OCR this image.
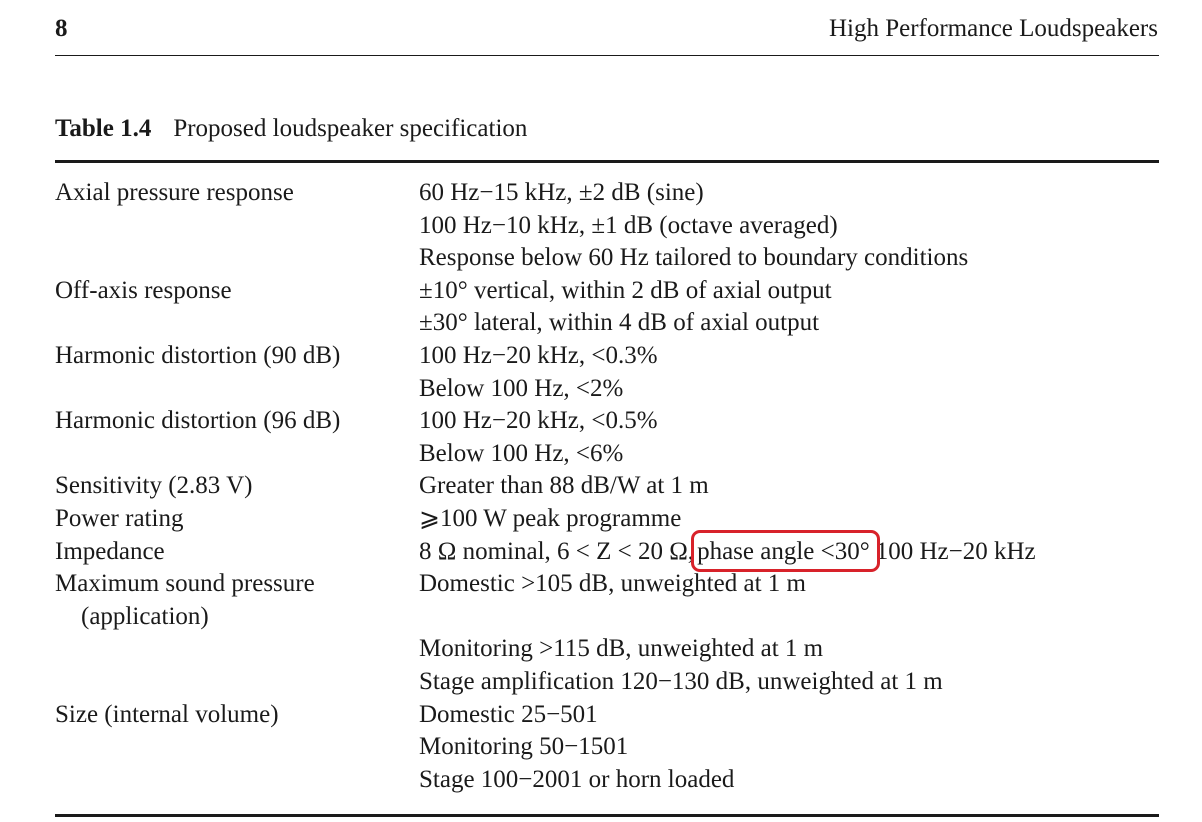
8	High Performance Loudspeakers
Table 1.4 Proposed loudspeaker specification
Axial pressure response	60 Hz−15 kHz, ±2 dB (sine)
100 Hz−10 kHz, ±1 dB (octave averaged)
Response below 60 Hz tailored to boundary conditions
Off-axis response	±10° vertical, within 2 dB of axial output
±30° lateral, within 4 dB of axial output
Harmonic distortion (90 dB)	100 Hz−20 kHz, <0.3%
Below 100 Hz, <2%
Harmonic distortion (96 dB)	100 Hz−20 kHz, <0.5%
Below 100 Hz, <6%
Sensitivity (2.83 V)	Greater than 88 dB/W at 1 m
Power rating	⩾100 W peak programme
Impedance	8 Ω nominal, 6 < Z < 20 Ω, phase angle <30° 100 Hz−20 kHz
Maximum sound pressure	Domestic >105 dB, unweighted at 1 m
(application)
Monitoring >115 dB, unweighted at 1 m
Stage amplification 120−130 dB, unweighted at 1 m
Size (internal volume)	Domestic 25−501
Monitoring 50−1501
Stage 100−2001 or horn loaded
